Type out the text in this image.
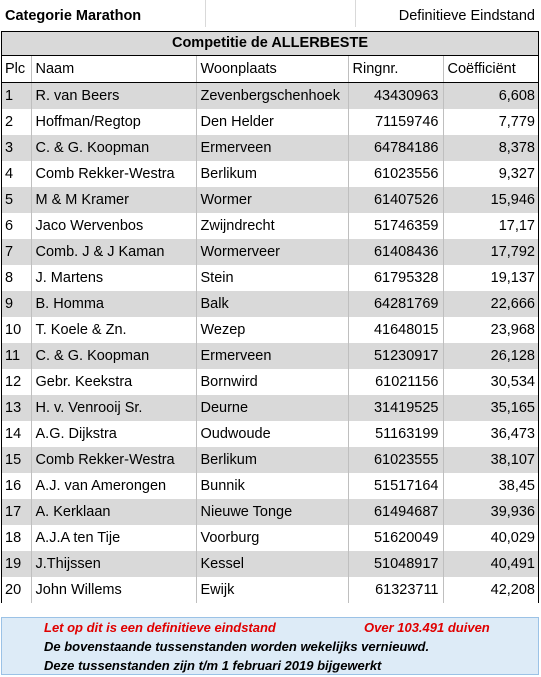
Categorie Marathon	Definitieve Eindstand
Competitie de ALLERBESTE
Plc	Naam	Woonplaats	Ringnr.	Coëfficiënt
1	R. van Beers	Zevenbergschenhoek	43430963	6,608
2	Hoffman/Regtop	Den Helder	71159746	7,779
3	C. & G. Koopman	Ermerveen	64784186	8,378
4	Comb Rekker-Westra	Berlikum	61023556	9,327
5	M & M Kramer	Wormer	61407526	15,946
6	Jaco Wervenbos	Zwijndrecht	51746359	17,17
7	Comb. J & J Kaman	Wormerveer	61408436	17,792
8	J. Martens	Stein	61795328	19,137
9	B. Homma	Balk	64281769	22,666
10	T. Koele & Zn.	Wezep	41648015	23,968
11	C. & G. Koopman	Ermerveen	51230917	26,128
12	Gebr. Keekstra	Bornwird	61021156	30,534
13	H. v. Venrooij Sr.	Deurne	31419525	35,165
14	A.G. Dijkstra	Oudwoude	51163199	36,473
15	Comb Rekker-Westra	Berlikum	61023555	38,107
16	A.J. van Amerongen	Bunnik	51517164	38,45
17	A. Kerklaan	Nieuwe Tonge	61494687	39,936
18	A.J.A ten Tije	Voorburg	51620049	40,029
19	J.Thijssen	Kessel	51048917	40,491
20	John Willems	Ewijk	61323711	42,208
Let op dit is een definitieve eindstand	Over 103.491 duiven
De bovenstaande tussenstanden worden wekelijks vernieuwd.
Deze tussenstanden zijn t/m 1 februari 2019 bijgewerkt
